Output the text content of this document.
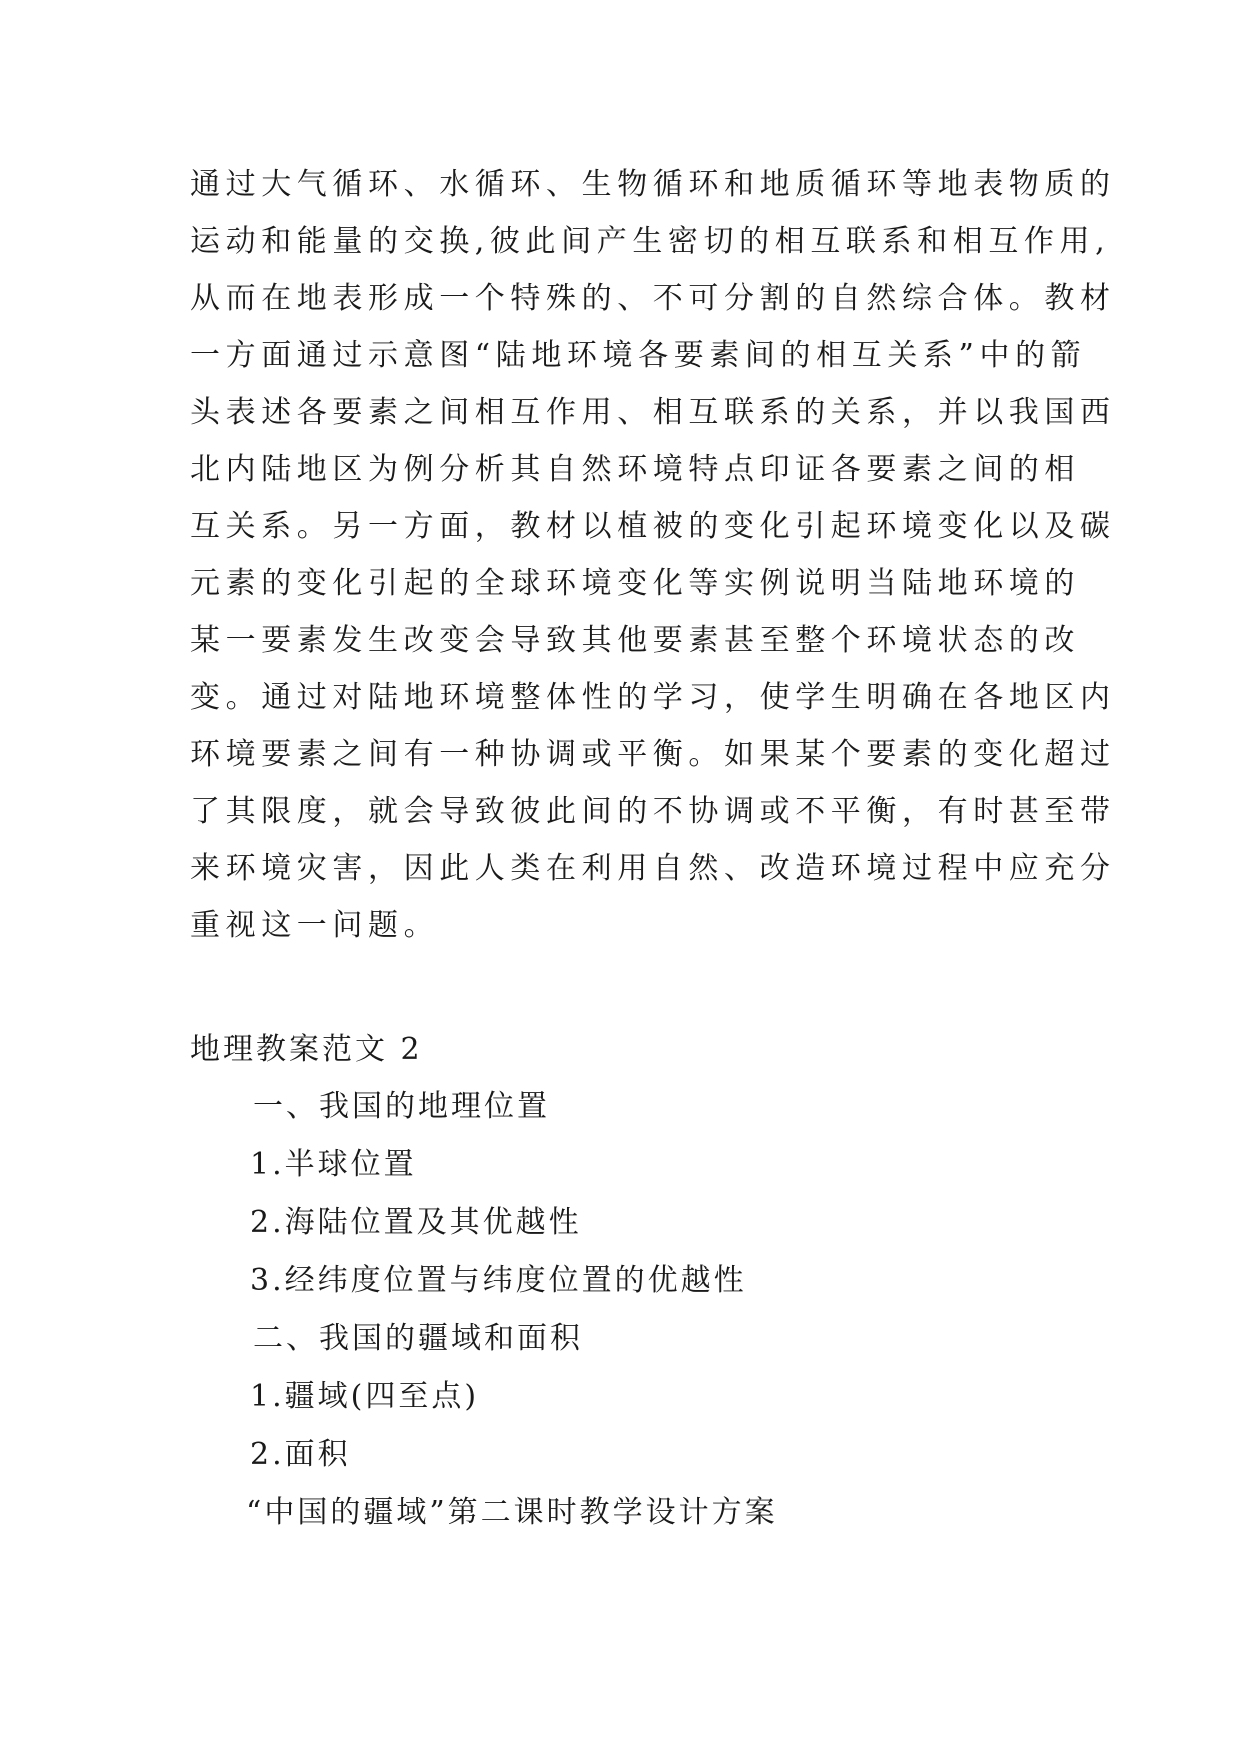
通过大气循环、水循环、生物循环和地质循环等地表物质的
运动和能量的交换,彼此间产生密切的相互联系和相互作用,
从而在地表形成一个特殊的、不可分割的自然综合体。教材
一方面通过示意图“陆地环境各要素间的相互关系”中的箭
头表述各要素之间相互作用、相互联系的关系，并以我国西
北内陆地区为例分析其自然环境特点印证各要素之间的相
互关系。另一方面，教材以植被的变化引起环境变化以及碳
元素的变化引起的全球环境变化等实例说明当陆地环境的
某一要素发生改变会导致其他要素甚至整个环境状态的改
变。通过对陆地环境整体性的学习，使学生明确在各地区内
环境要素之间有一种协调或平衡。如果某个要素的变化超过
了其限度，就会导致彼此间的不协调或不平衡，有时甚至带
来环境灾害，因此人类在利用自然、改造环境过程中应充分
重视这一问题。
地理教案范文 2
一、我国的地理位置
1.半球位置
2.海陆位置及其优越性
3.经纬度位置与纬度位置的优越性
二、我国的疆域和面积
1.疆域(四至点)
2.面积
“中国的疆域”第二课时教学设计方案
